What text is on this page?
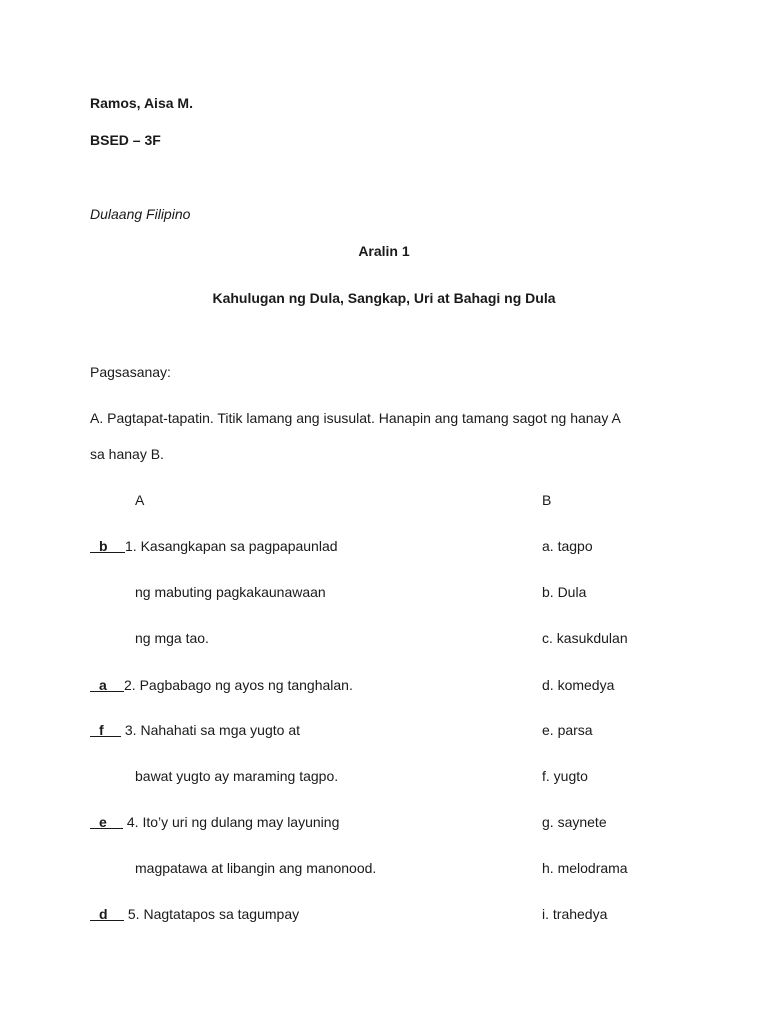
Ramos, Aisa M.
BSED – 3F
Dulaang Filipino
Aralin 1
Kahulugan ng Dula, Sangkap, Uri at Bahagi ng Dula
Pagsasanay:
A. Pagtapat-tapatin. Titik lamang ang isusulat. Hanapin ang tamang sagot ng hanay A
sa hanay B.
A	B
b 1. Kasangkapan sa pagpapaunlad
ng mabuting pagkakaunawaan
ng mga tao.
a 2. Pagbabago ng ayos ng tanghalan.
f 3. Nahahati sa mga yugto at
bawat yugto ay maraming tagpo.
e 4. Ito’y uri ng dulang may layuning
magpatawa at libangin ang manonood.
d 5. Nagtatapos sa tagumpay
a. tagpo
b. Dula
c. kasukdulan
d. komedya
e. parsa
f. yugto
g. saynete
h. melodrama
i. trahedya
